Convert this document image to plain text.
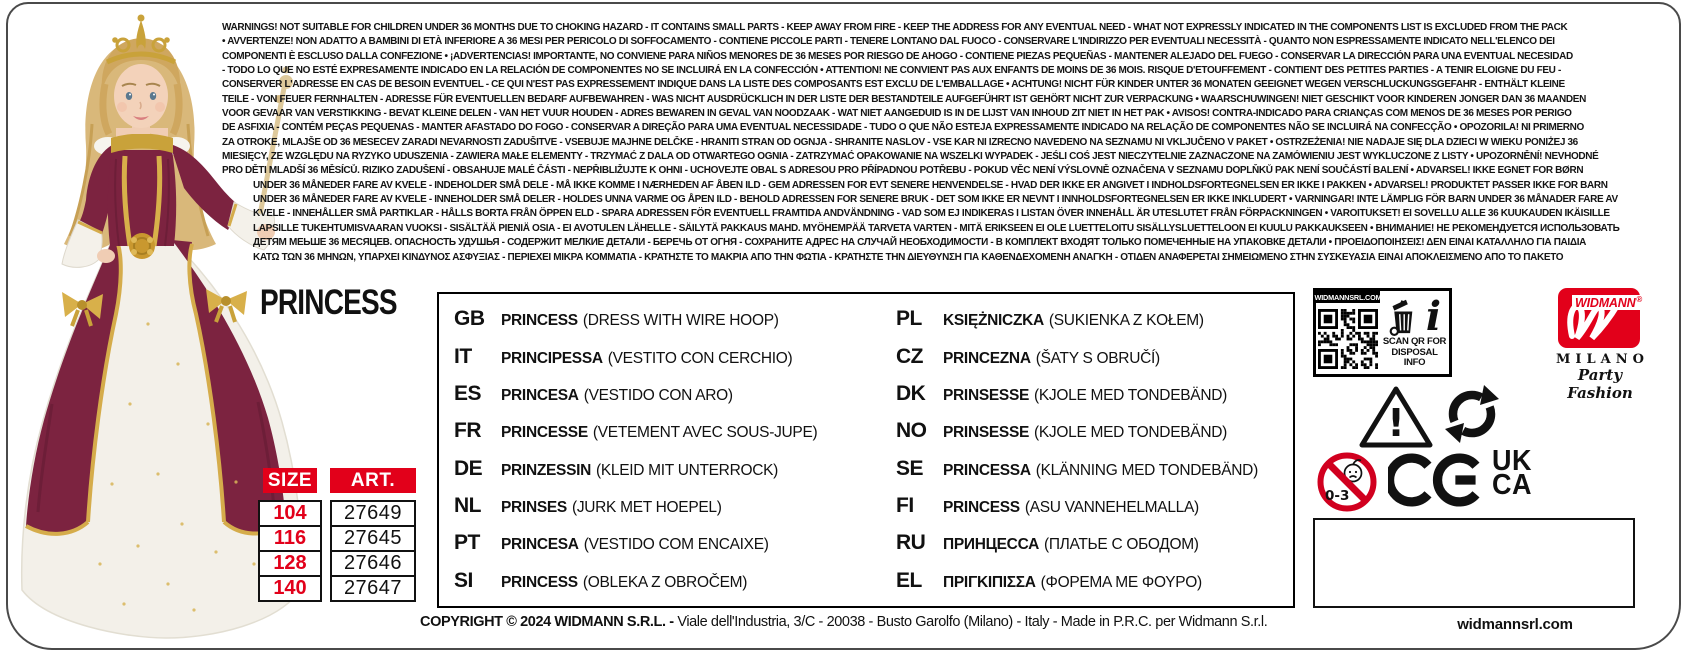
WARNINGS! NOT SUITABLE FOR CHILDREN UNDER 36 MONTHS DUE TO CHOKING HAZARD - IT CONTAINS SMALL PARTS - KEEP AWAY FROM FIRE - KEEP THE ADDRESS FOR ANY EVENTUAL NEED - WHAT NOT EXPRESSLY INDICATED IN THE COMPONENTS LIST IS EXCLUDED FROM THE PACK
• AVVERTENZE! NON ADATTO A BAMBINI DI ETÀ INFERIORE A 36 MESI PER PERICOLO DI SOFFOCAMENTO - CONTIENE PICCOLE PARTI - TENERE LONTANO DAL FUOCO - CONSERVARE L'INDIRIZZO PER EVENTUALI NECESSITÀ - QUANTO NON ESPRESSAMENTE INDICATO NELL'ELENCO DEI
COMPONENTI È ESCLUSO DALLA CONFEZIONE • ¡ADVERTENCIAS! IMPORTANTE, NO CONVIENE PARA NIÑOS MENORES DE 36 MESES POR RIESGO DE AHOGO - CONTIENE PIEZAS PEQUEÑAS - MANTENER ALEJADO DEL FUEGO - CONSERVAR LA DIRECCIÓN PARA UNA EVENTUAL NECESIDAD
- TODO LO QUE NO ESTÉ EXPRESAMENTE INDICADO EN LA RELACIÓN DE COMPONENTES NO SE INCLUIRÁ EN LA CONFECCIÓN • ATTENTION! NE CONVIENT PAS AUX ENFANTS DE MOINS DE 36 MOIS. RISQUE D'ETOUFFEMENT - CONTIENT DES PETITES PARTIES - A TENIR ELOIGNE DU FEU -
CONSERVER L'ADRESSE EN CAS DE BESOIN EVENTUEL - CE QUI N'EST PAS EXPRESSEMENT INDIQUE DANS LA LISTE DES COMPOSANTS EST EXCLU DE L'EMBALLAGE • ACHTUNG! NICHT FÜR KINDER UNTER 36 MONATEN GEEIGNET WEGEN VERSCHLUCKUNGSGEFAHR - ENTHÄLT KLEINE
TEILE - VON FEUER FERNHALTEN - ADRESSE FÜR EVENTUELLEN BEDARF AUFBEWAHREN - WAS NICHT AUSDRÜCKLICH IN DER LISTE DER BESTANDTEILE AUFGEFÜHRT IST GEHÖRT NICHT ZUR VERPACKUNG • WAARSCHUWINGEN! NIET GESCHIKT VOOR KINDEREN JONGER DAN 36 MAANDEN
VOOR GEVAAR VAN VERSTIKKING - BEVAT KLEINE DELEN - VAN HET VUUR HOUDEN - ADRES BEWAREN IN GEVAL VAN NOODZAAK - WAT NIET AANGEDUID IS IN DE LIJST VAN INHOUD ZIT NIET IN HET PAK • AVISOS! CONTRA-INDICADO PARA CRIANÇAS COM MENOS DE 36 MESES POR PERIGO
DE ASFIXIA - CONTÉM PEÇAS PEQUENAS - MANTER AFASTADO DO FOGO - CONSERVAR A DIREÇÃO PARA UMA EVENTUAL NECESSIDADE - TUDO O QUE NÃO ESTEJA EXPRESSAMENTE INDICADO NA RELAÇÃO DE COMPONENTES NÃO SE INCLUIRÁ NA CONFECÇÃO • OPOZORILA! NI PRIMERNO
ZA OTROKE, MLAJŠE OD 36 MESECEV ZARADI NEVARNOSTI ZADUŠITVE - VSEBUJE MAJHNE DELČKE - HRANITI STRAN OD OGNJA - SHRANITE NASLOV - VSE KAR NI IZRECNO NAVEDENO NA SEZNAMU NI VKLJUČENO V PAKET • OSTRZEŻENIA! NIE NADAJE SIĘ DLA DZIECI W WIEKU PONIŻEJ 36
MIESIĘCY, ZE WZGLĘDU NA RYZYKO UDUSZENIA - ZAWIERA MAŁE ELEMENTY - TRZYMAĆ Z DALA OD OTWARTEGO OGNIA - ZATRZYMAĆ OPAKOWANIE NA WSZELKI WYPADEK - JEŚLI COŚ JEST NIECZYTELNIE ZAZNACZONE NA ZAMÓWIENIU JEST WYKLUCZONE Z LISTY • UPOZORNĚNÍ! NEVHODNÉ
PRO DĚTI MLADŠÍ 36 MĚSÍCŮ. RIZIKO ZADUŠENÍ - OBSAHUJE MALÉ ČÁSTI - NEPŘIBLIŽUJTE K OHNI - UCHOVEJTE OBAL S ADRESOU PRO PŘÍPADNOU POTŘEBU - POKUD VĚC NENÍ VÝSLOVNĚ OZNAČENA V SEZNAMU DOPLŇKŮ PAK NENÍ SOUČÁSTÍ BALENÍ • ADVARSEL! IKKE EGNET FOR BØRN
UNDER 36 MÅNEDER FARE AV KVELE - INDEHOLDER SMÅ DELE - MÅ IKKE KOMME I NÆRHEDEN AF ÅBEN ILD - GEM ADRESSEN FOR EVT SENERE HENVENDELSE - HVAD DER IKKE ER ANGIVET I INDHOLDSFORTEGNELSEN ER IKKE I PAKKEN • ADVARSEL! PRODUKTET PASSER IKKE FOR BARN
UNDER 36 MÅNEDER FARE AV KVELE - INNEHOLDER SMÅ DELER - HOLDES UNNA VARME OG ÅPEN ILD - BEHOLD ADRESSEN FOR SENERE BRUK - DET SOM IKKE ER NEVNT I INNHOLDSFORTEGNELSEN ER IKKE INKLUDERT • VARNINGAR! INTE LÄMPLIG FÖR BARN UNDER 36 MÅNADER FARE AV
KVELE - INNEHÅLLER SMÅ PARTIKLAR - HÅLLS BORTA FRÅN ÖPPEN ELD - SPARA ADRESSEN FÖR EVENTUELL FRAMTIDA ANDVÄNDNING - VAD SOM EJ INDIKERAS I LISTAN ÖVER INNEHÅLL ÄR UTESLUTET FRÅN FÖRPACKNINGEN • VAROITUKSET! EI SOVELLU ALLE 36 KUUKAUDEN IKÄISILLE
LAPSILLE TUKEHTUMISVAARAN VUOKSI - SISÄLTÄÄ PIENIÄ OSIA - EI AVOTULEN LÄHELLE - SÄILYTÄ PAKKAUS MAHD. MYÖHEMPÄÄ TARVETA VARTEN - MITÄ ERIKSEEN EI OLE LUETTELOITU SISÄLLYSLUETTELOON EI KUULU PAKKAUKSEEN • ВНИМАНИЕ! НЕ РЕКОМЕНДУЕТСЯ ИСПОЛЬЗОВАТЬ
ДЕТЯМ МЕЬШЕ 36 МЕСЯЦЕВ. ОПАСНОСТЬ УДУШЬЯ - СОДЕРЖИТ МЕЛКИЕ ДЕТАЛИ - БЕРЕЧЬ ОТ ОГНЯ - СОХРАНИТЕ АДРЕС НА СЛУЧАЙ НЕОБХОДИМОСТИ - В КОМПЛЕКТ ВХОДЯТ ТОЛЬКО ПОМЕЧЕННЫЕ НА УПАКОВКЕ ДЕТАЛИ • ΠΡΟΕΙΔΟΠΟΙΗΣΕΙΣ! ΔΕΝ ΕΙΝΑΙ ΚΑΤΑΛΛΗΛΟ ΓΙΑ ΠΑΙΔΙΑ
ΚΑΤΩ ΤΩΝ 36 ΜΗΝΩΝ, ΥΠΑΡΧΕΙ ΚΙΝΔΥΝΟΣ ΑΣΦΥΞΙΑΣ - ΠΕΡΙΕΧΕΙ ΜΙΚΡΑ ΚΟΜΜΑΤΙΑ - ΚΡΑΤΗΣΤΕ ΤΟ ΜΑΚΡΙΑ ΑΠΟ ΤΗΝ ΦΩΤΙΑ - ΚΡΑΤΗΣΤΕ ΤΗΝ ΔΙΕΥΘΥΝΣΗ ΓΙΑ ΚΑΘΕΝΔΕΧΟΜΕΝΗ ΑΝΑΓΚΗ - ΟΤΙΔΕΝ ΑΝΑΦΕΡΕΤΑΙ ΣΗΜΕΙΩΜΕΝΟ ΣΤΗΝ ΣΥΣΚΕΥΑΣΙΑ ΕΙΝΑΙ ΑΠΟΚΛΕΙΣΜΕΝΟ ΑΠΟ ΤΟ ΠΑΚΕΤΟ
PRINCESS
SIZE	ART.
104	27649
116	27645
128	27646
140	27647
GB	PRINCESS (DRESS WITH WIRE HOOP)
IT	PRINCIPESSA (VESTITO CON CERCHIO)
ES	PRINCESA (VESTIDO CON ARO)
FR	PRINCESSE (VETEMENT AVEC SOUS-JUPE)
DE	PRINZESSIN (KLEID MIT UNTERROCK)
NL	PRINSES (JURK MET HOEPEL)
PT	PRINCESA (VESTIDO COM ENCAIXE)
SI	PRINCESS (OBLEKA Z OBROČEM)
PL	KSIĘŻNICZKA (SUKIENKA Z KOŁEM)
CZ	PRINCEZNA (ŠATY S OBRUČÍ)
DK	PRINSESSE (KJOLE MED TONDEBÄND)
NO	PRINSESSE (KJOLE MED TONDEBÄND)
SE	PRINCESSA (KLÄNNING MED TONDEBÄND)
FI	PRINCESS (ASU VANNEHELMALLA)
RU	ПРИНЦЕССА (ПЛАТЬЕ С ОБОДОМ)
EL	ΠΡΙΓΚΙΠΙΣΣΑ (ΦΟΡΕΜΑ ΜΕ ΦΟΥΡΟ)
WIDMANNSRL.COM i
SCAN QR FOR
DISPOSAL INFO
WIDMANN ®
MILANO
Party Fashion
!
0-3
UK
CA
COPYRIGHT © 2024 WIDMANN S.R.L. - Viale dell'Industria, 3/C - 20038 - Busto Garolfo (Milano) - Italy - Made in P.R.C. per Widmann S.r.l.	widmannsrl.com
